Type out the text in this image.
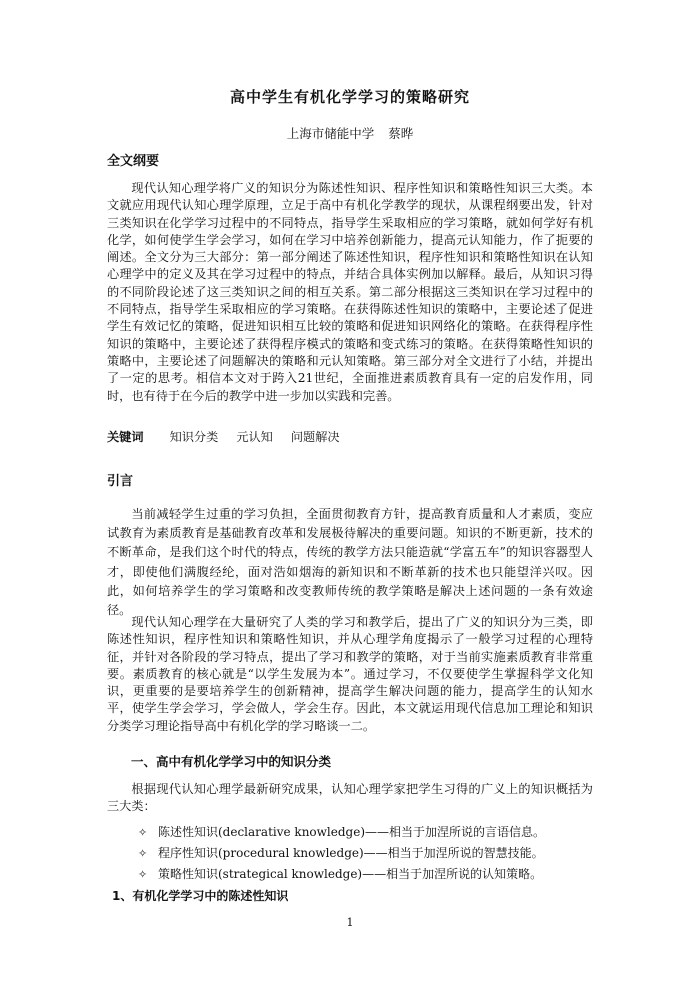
高中学生有机化学学习的策略研究
上海市储能中学 蔡晔
全文纲要

现代认知心理学将广义的知识分为陈述性知识、程序性知识和策略性知识三大类。本文就应用现代认知心理学原理，立足于高中有机化学教学的现状，从课程纲要出发，针对三类知识在化学学习过程中的不同特点，指导学生采取相应的学习策略，就如何学好有机化学，如何使学生学会学习，如何在学习中培养创新能力，提高元认知能力，作了扼要的阐述。全文分为三大部分：第一部分阐述了陈述性知识，程序性知识和策略性知识在认知心理学中的定义及其在学习过程中的特点，并结合具体实例加以解释。最后，从知识习得的不同阶段论述了这三类知识之间的相互关系。第二部分根据这三类知识在学习过程中的不同特点，指导学生采取相应的学习策略。在获得陈述性知识的策略中，主要论述了促进学生有效记忆的策略，促进知识相互比较的策略和促进知识网络化的策略。在获得程序性知识的策略中，主要论述了获得程序模式的策略和变式练习的策略。在获得策略性知识的策略中，主要论述了问题解决的策略和元认知策略。第三部分对全文进行了小结，并提出了一定的思考。相信本文对于跨入21世纪，全面推进素质教育具有一定的启发作用，同时，也有待于在今后的教学中进一步加以实践和完善。

关键词 知识分类 元认知 问题解决
引言

当前减轻学生过重的学习负担，全面贯彻教育方针，提高教育质量和人才素质，变应试教育为素质教育是基础教育改革和发展极待解决的重要问题。知识的不断更新，技术的不断革命，是我们这个时代的特点，传统的教学方法只能造就“学富五车”的知识容器型人才，即使他们满腹经纶，面对浩如烟海的新知识和不断革新的技术也只能望洋兴叹。因此，如何培养学生的学习策略和改变教师传统的教学策略是解决上述问题的一条有效途径。

现代认知心理学在大量研究了人类的学习和教学后，提出了广义的知识分为三类，即陈述性知识，程序性知识和策略性知识，并从心理学角度揭示了一般学习过程的心理特征，并针对各阶段的学习特点，提出了学习和教学的策略，对于当前实施素质教育非常重要。素质教育的核心就是“以学生发展为本”。通过学习，不仅要使学生掌握科学文化知识，更重要的是要培养学生的创新精神，提高学生解决问题的能力，提高学生的认知水平，使学生学会学习，学会做人，学会生存。因此，本文就运用现代信息加工理论和知识分类学习理论指导高中有机化学的学习略谈一二。

一、高中有机化学学习中的知识分类

根据现代认知心理学最新研究成果，认知心理学家把学生习得的广义上的知识概括为三大类：

✧ 陈述性知识(declarative knowledge)——相当于加涅所说的言语信息。
✧ 程序性知识(procedural knowledge)——相当于加涅所说的智慧技能。
✧ 策略性知识(strategical knowledge)——相当于加涅所说的认知策略。
1、有机化学学习中的陈述性知识
1
